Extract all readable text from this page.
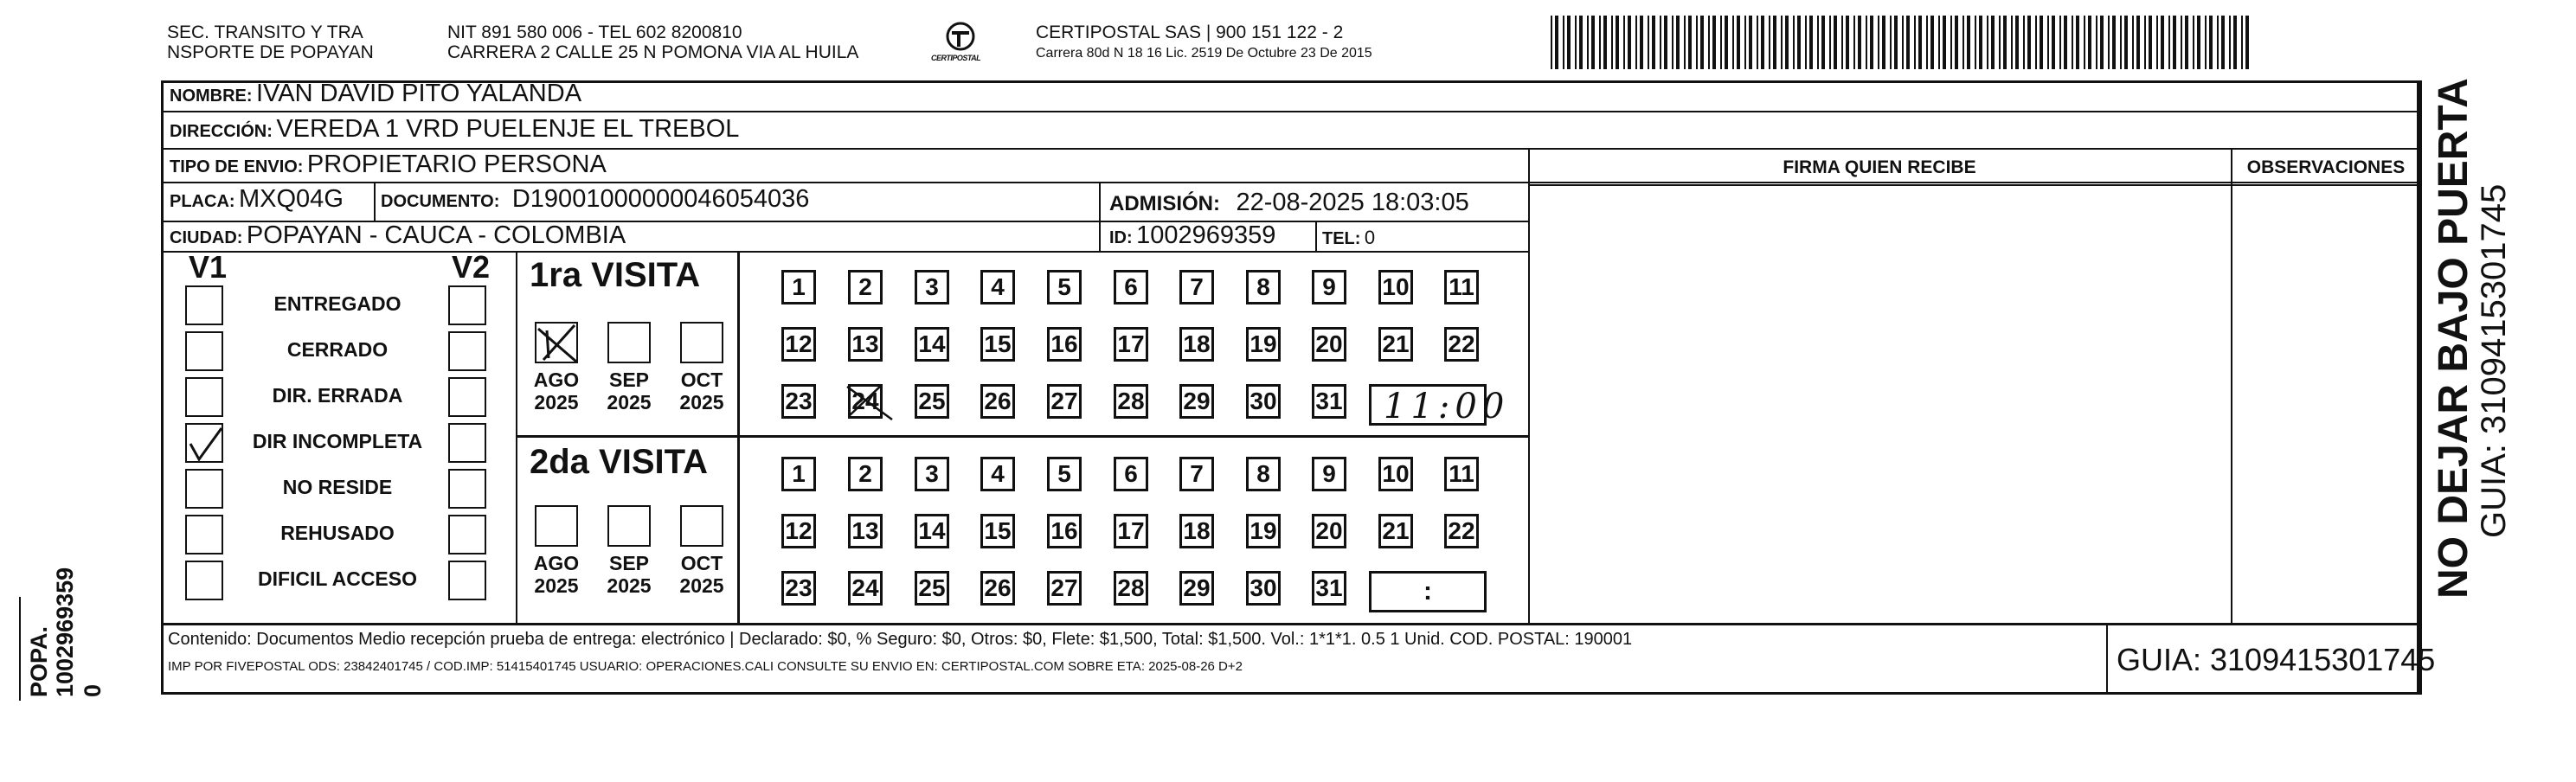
SEC. TRANSITO Y TRA
NSPORTE DE POPAYAN
NIT 891 580 006 - TEL 602 8200810
CARRERA 2 CALLE 25 N POMONA VIA AL HUILA	CERTIPOSTAL
CERTIPOSTAL SAS | 900 151 122 - 2
Carrera 80d N 18 16 Lic. 2519 De Octubre 23 De 2015
NOMBRE: IVAN DAVID PITO YALANDA
DIRECCIÓN: VEREDA 1 VRD PUELENJE EL TREBOL
TIPO DE ENVIO: PROPIETARIO PERSONA	FIRMA QUIEN RECIBE	OBSERVACIONES
PLACA: MXQ04G DOCUMENTO: D19001000000046054036	ADMISIÓN: 22-08-2025 18:03:05
CIUDAD: POPAYAN - CAUCA - COLOMBIA	ID: 1002969359	TEL: 0
V1	V2
ENTREGADO
CERRADO
DIR. ERRADA
DIR INCOMPLETA
NO RESIDE
REHUSADO
DIFICIL ACCESO
1ra VISITA
2da VISITA
1	2	3	4	5	6	7	8	9	10 11
12 13 14 15 16 17 18 19 20 21 22
23 24 25 26 27 28 29 30 31
1	2	3	4	5	6	7	8	9	10 11
12 13 14 15 16 17 18 19 20 21 22
23 24 25 26 27 28 29 30 31
AGO
2025
SEP
2025
OCT
2025
AGO
2025
SEP
2025
OCT
2025
11:00
:
Contenido: Documentos Medio recepción prueba de entrega: electrónico | Declarado: $0, % Seguro: $0, Otros: $0, Flete: $1,500, Total: $1,500. Vol.: 1*1*1. 0.5 1 Unid. COD. POSTAL: 190001
IMP POR FIVEPOSTAL ODS: 23842401745 / COD.IMP: 51415401745 USUARIO: OPERACIONES.CALI CONSULTE SU ENVIO EN: CERTIPOSTAL.COM SOBRE ETA: 2025-08-26 D+2	GUIA: 3109415301745
NO DEJAR BAJO PUERTA
GUIA: 3109415301745
POPA. 1002969359 0
